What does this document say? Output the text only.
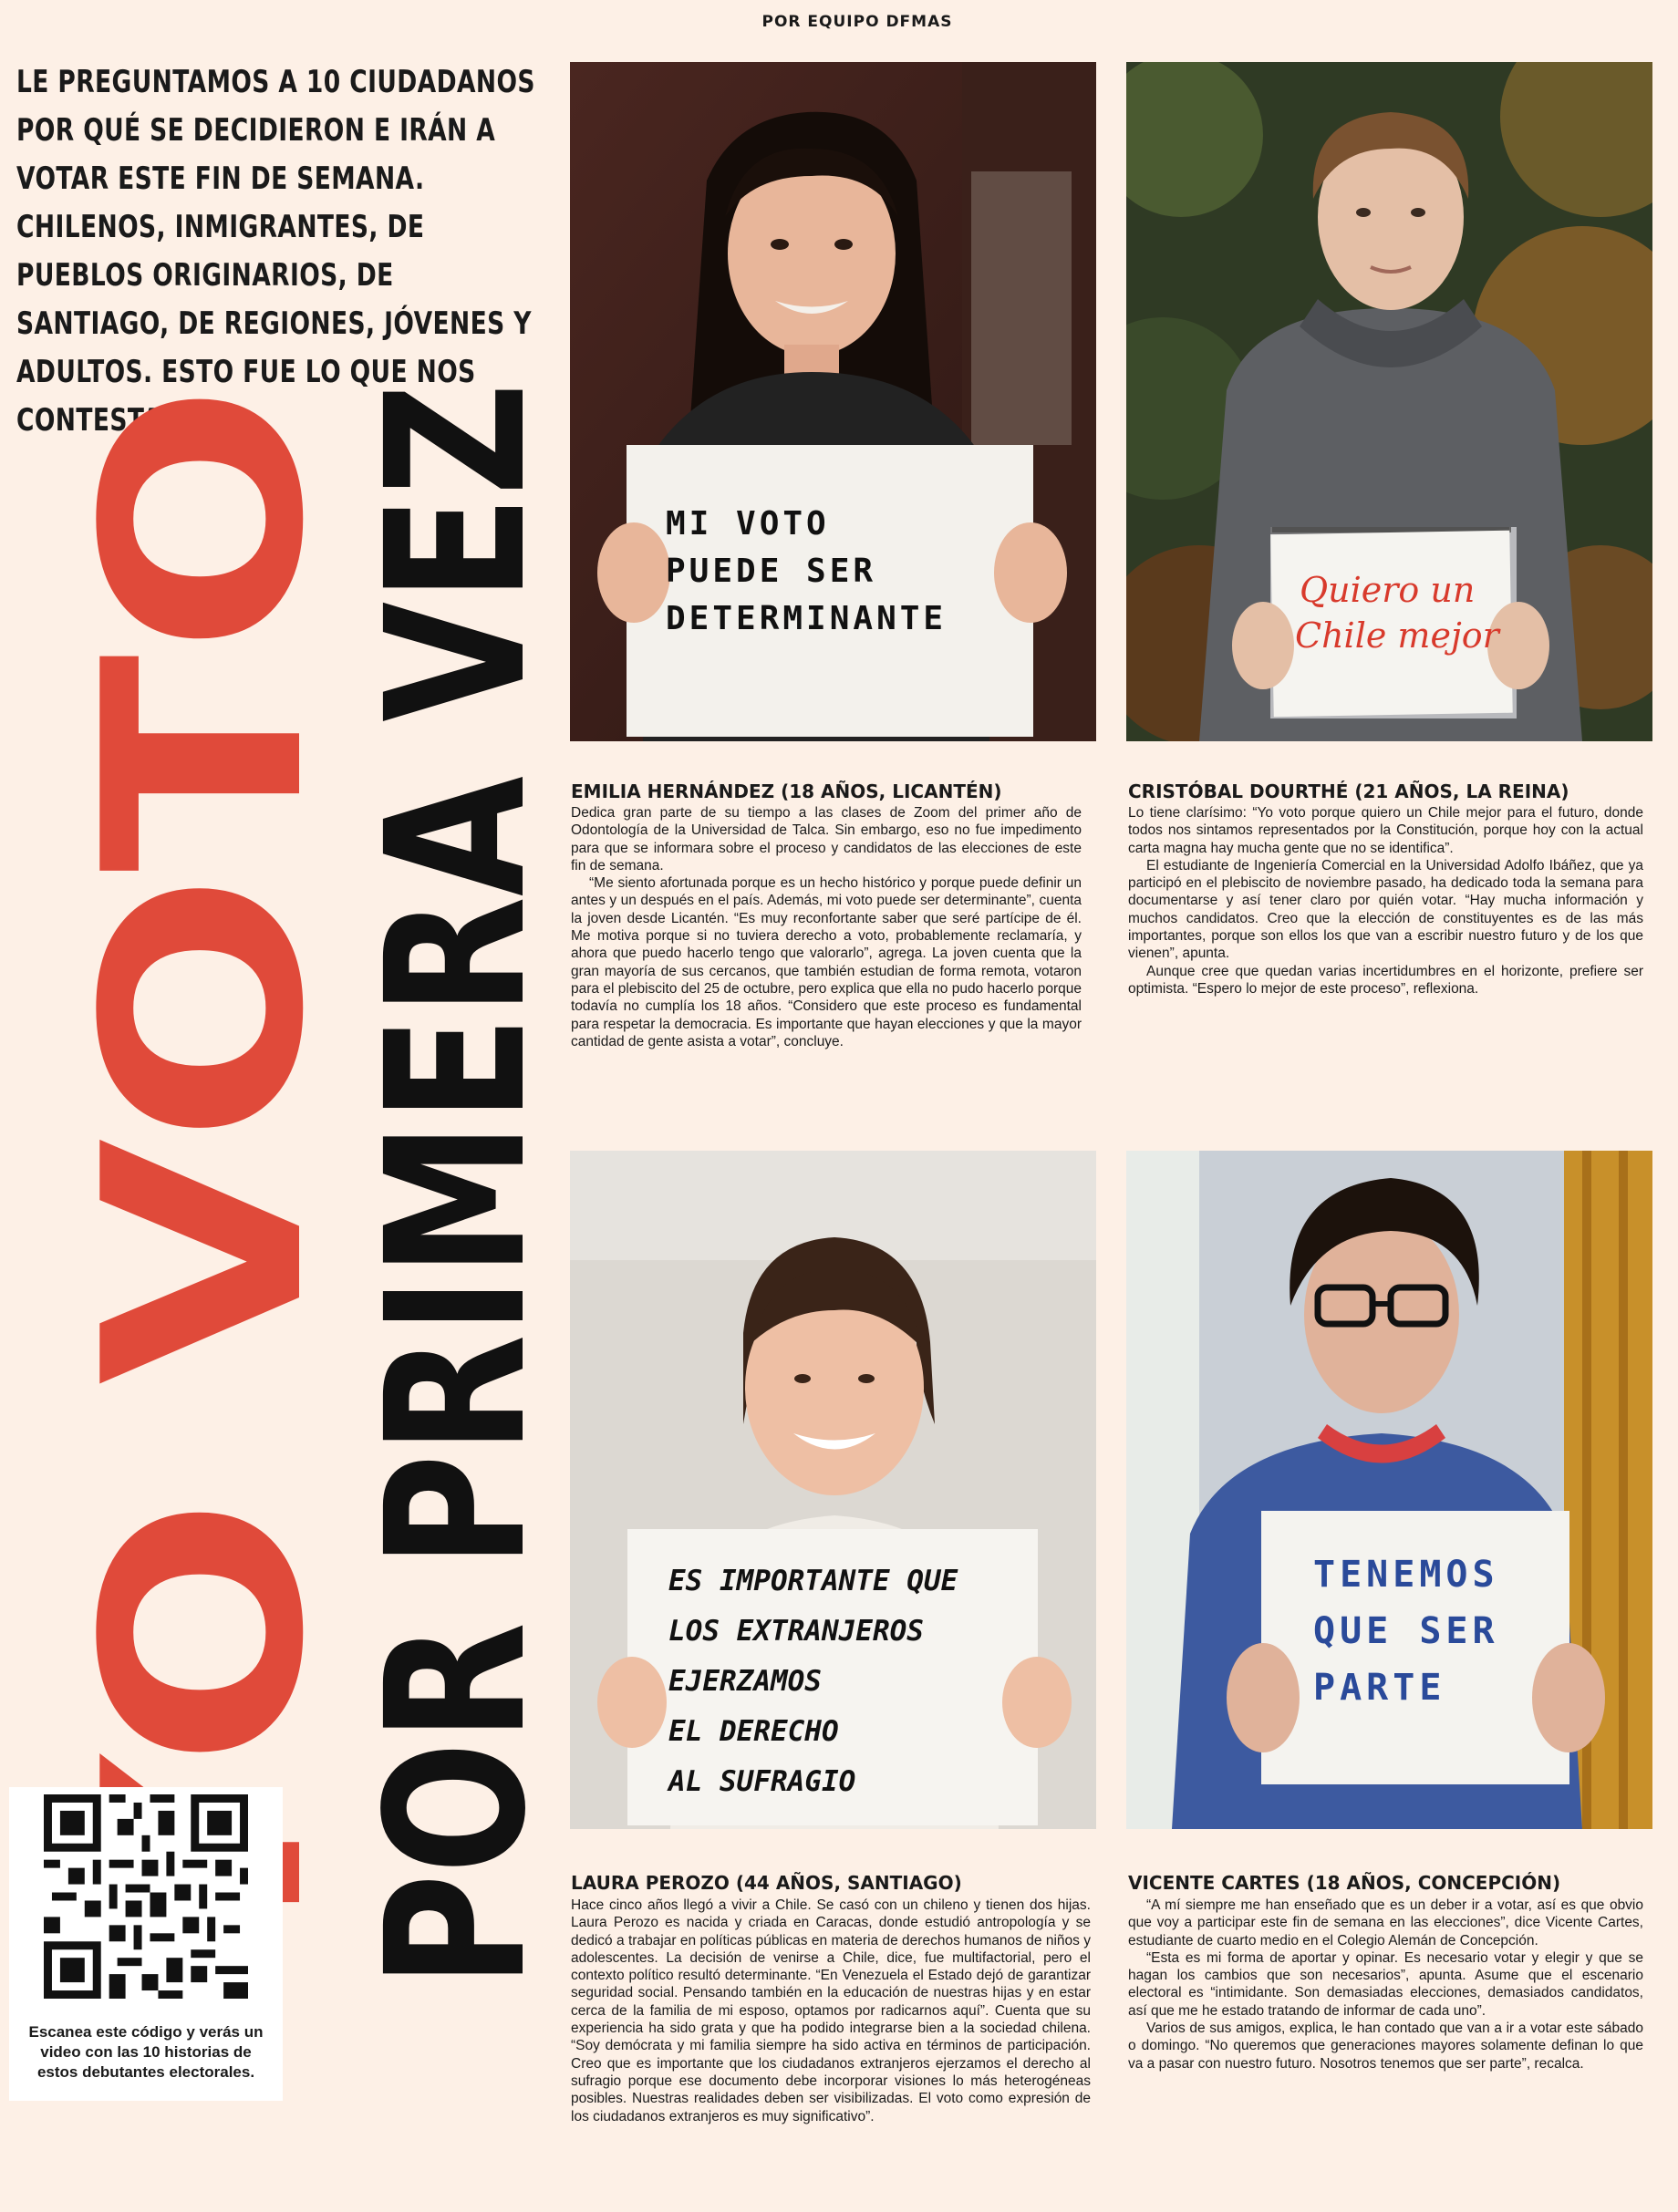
POR EQUIPO DFMAS

LE PREGUNTAMOS A 10 CIUDADANOS POR QUÉ SE DECIDIERON E IRÁN A VOTAR ESTE FIN DE SEMANA. CHILENOS, INMIGRANTES, DE PUEBLOS ORIGINARIOS, DE SANTIAGO, DE REGIONES, JÓVENES Y ADULTOS. ESTO FUE LO QUE NOS CONTESTARON.

YO VOTO
POR PRIMERA

Escanea este código y verás un video con las 10 historias de estos debutantes electorales.

MI VOTO
PUEDE SER
DETERMINANTE
Quiero un
Chile mejor
EMILIA HERNÁNDEZ (18 AÑOS, LICANTÉN)

Dedica gran parte de su tiempo a las clases de Zoom del primer año de Odontología de la Universidad de Talca. Sin embargo, eso no fue impedimento para que se informara sobre el proceso y candidatos de las elecciones de este fin de semana.

“Me siento afortunada porque es un hecho histórico y porque puede definir un antes y un después en el país. Además, mi voto puede ser determinante”, cuenta la joven desde Licantén. “Es muy reconfortante saber que seré partícipe de él. Me motiva porque si no tuviera derecho a voto, probablemente reclamaría, y ahora que puedo hacerlo tengo que valorarlo”, agrega. La joven cuenta que la gran mayoría de sus cercanos, que también estudian de forma remota, votaron para el plebiscito del 25 de octubre, pero explica que ella no pudo hacerlo porque todavía no cumplía los 18 años. “Considero que este proceso es fundamental para respetar la democracia. Es importante que hayan elecciones y que la mayor cantidad de gente asista a votar”, concluye.

CRISTÓBAL DOURTHÉ (21 AÑOS, LA REINA)

Lo tiene clarísimo: “Yo voto porque quiero un Chile mejor para el futuro, donde todos nos sintamos representados por la Constitución, porque hoy con la actual carta magna hay mucha gente que no se identifica”.

El estudiante de Ingeniería Comercial en la Universidad Adolfo Ibáñez, que ya participó en el plebiscito de noviembre pasado, ha dedicado toda la semana para documentarse y así tener claro por quién votar. “Hay mucha información y muchos candidatos. Creo que la elección de constituyentes es de las más importantes, porque son ellos los que van a escribir nuestro futuro y de los que vienen”, apunta.

Aunque cree que quedan varias incertidumbres en el horizonte, prefiere ser optimista. “Espero lo mejor de este proceso”, reflexiona.

ES IMPORTANTE QUE
LOS EXTRANJEROS
EJERZAMOS
EL DERECHO
AL SUFRAGIO
TENEMOS
QUE SER
PARTE
LAURA PEROZO (44 AÑOS, SANTIAGO)

Hace cinco años llegó a vivir a Chile. Se casó con un chileno y tienen dos hijas. Laura Perozo es nacida y criada en Caracas, donde estudió antropología y se dedicó a trabajar en políticas públicas en materia de derechos humanos de niños y adolescentes. La decisión de venirse a Chile, dice, fue multifactorial, pero el contexto político resultó determinante. “En Venezuela el Estado dejó de garantizar seguridad social. Pensando también en la educación de nuestras hijas y en estar cerca de la familia de mi esposo, optamos por radicarnos aquí”. Cuenta que su experiencia ha sido grata y que ha podido integrarse bien a la sociedad chilena. “Soy demócrata y mi familia siempre ha sido activa en términos de participación. Creo que es importante que los ciudadanos extranjeros ejerzamos el derecho al sufragio porque ese documento debe incorporar visiones lo más heterogéneas posibles. Nuestras realidades deben ser visibilizadas. El voto como expresión de los ciudadanos extranjeros es muy significativo”.

VICENTE CARTES (18 AÑOS, CONCEPCIÓN)

“A mí siempre me han enseñado que es un deber ir a votar, así es que obvio que voy a participar este fin de semana en las elecciones”, dice Vicente Cartes, estudiante de cuarto medio en el Colegio Alemán de Concepción.

“Esta es mi forma de aportar y opinar. Es necesario votar y elegir y que se hagan los cambios que son necesarios”, apunta. Asume que el escenario electoral es “intimidante. Son demasiadas elecciones, demasiados candidatos, así que me he estado tratando de informar de cada uno”.

Varios de sus amigos, explica, le han contado que van a ir a votar este sábado o domingo. “No queremos que generaciones mayores solamente definan lo que va a pasar con nuestro futuro. Nosotros tenemos que ser parte”, recalca.
